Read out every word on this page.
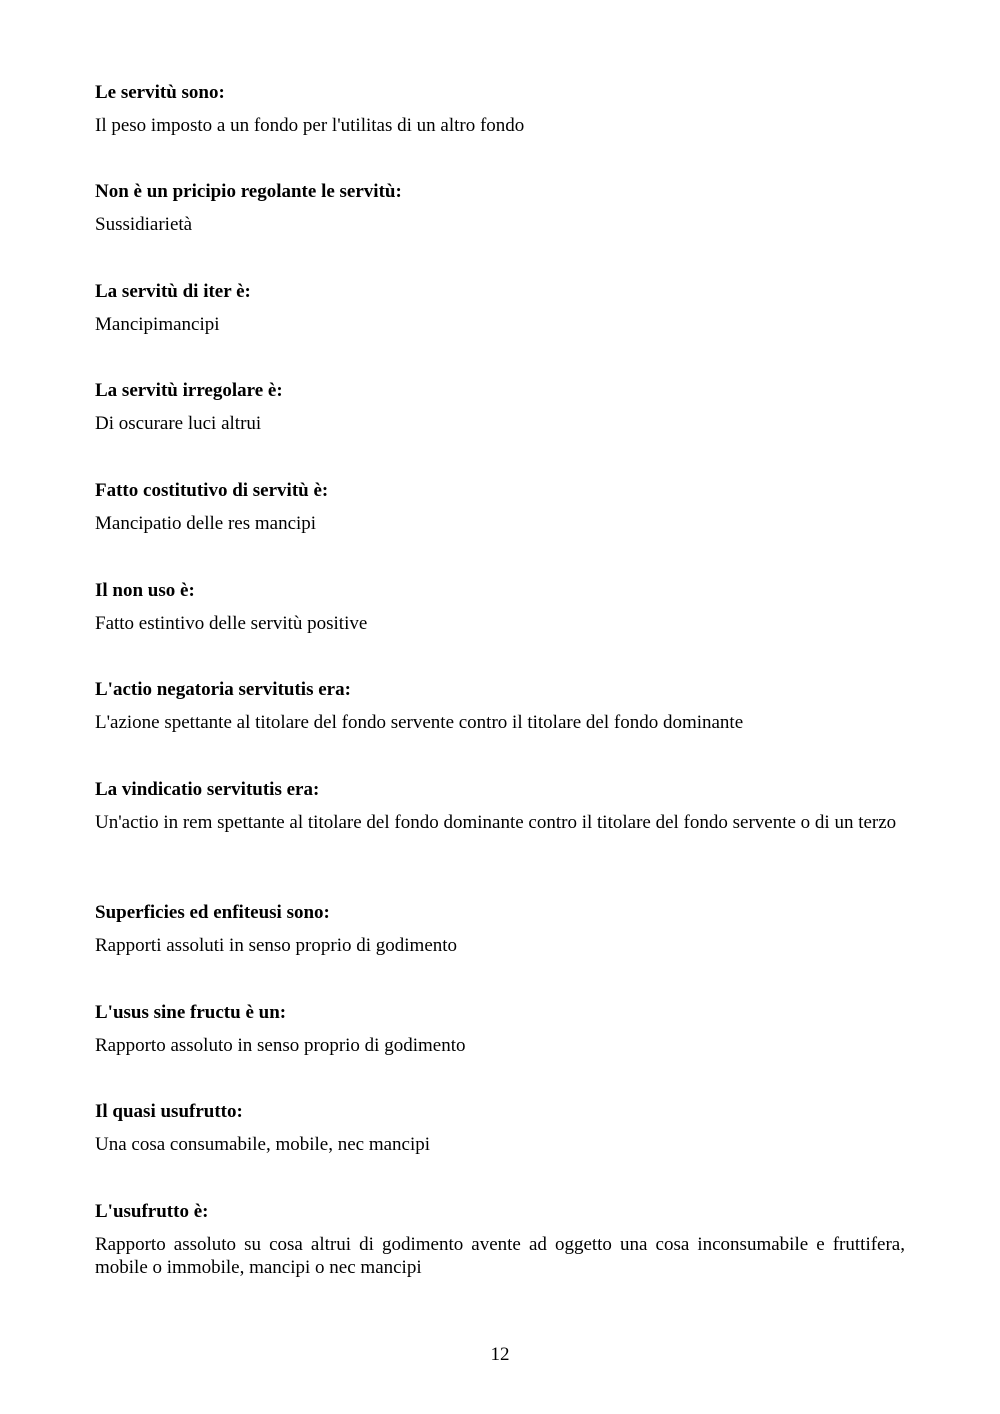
Le servitù sono:

Il peso imposto a un fondo per l'utilitas di un altro fondo

Non è un pricipio regolante le servitù:

Sussidiarietà

La servitù di iter è:

Mancipimancipi

La servitù irregolare è:

Di oscurare luci altrui

Fatto costitutivo di servitù è:

Mancipatio delle res mancipi

Il non uso è:

Fatto estintivo delle servitù positive

L'actio negatoria servitutis era:

L'azione spettante al titolare del fondo servente contro il titolare del fondo dominante

La vindicatio servitutis era:

Un'actio in rem spettante al titolare del fondo dominante contro il titolare del fondo servente o di un terzo

Superficies ed enfiteusi sono:

Rapporti assoluti in senso proprio di godimento

L'usus sine fructu è un:

Rapporto assoluto in senso proprio di godimento

Il quasi usufrutto:

Una cosa consumabile, mobile, nec mancipi

L'usufrutto è:

Rapporto assoluto su cosa altrui di godimento avente ad oggetto una cosa inconsumabile e fruttifera, mobile o immobile, mancipi o nec mancipi

12
